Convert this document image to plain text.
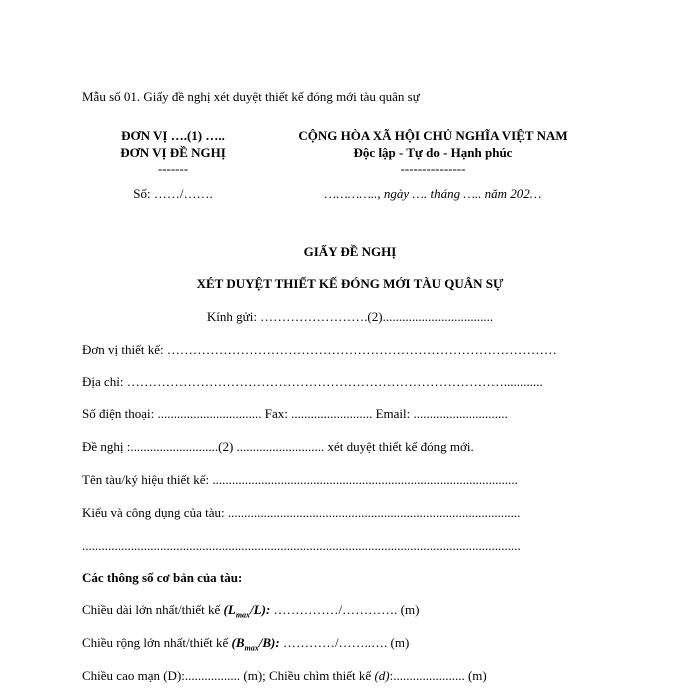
Mẫu số 01. Giấy đề nghị xét duyệt thiết kế đóng mới tàu quân sự
ĐƠN VỊ ….(1) …..
ĐƠN VỊ ĐỀ NGHỊ
-------
Số: ……/…….
CỘNG HÒA XÃ HỘI CHỦ NGHĨA VIỆT NAM
Độc lập - Tự do - Hạnh phúc
---------------
………….., ngày …. tháng ….. năm 202…
GIẤY ĐỀ NGHỊ
XÉT DUYỆT THIẾT KẾ ĐÓNG MỚI TÀU QUÂN SỰ
Kính gửi: …………………….(2)..................................
Đơn vị thiết kế: ………………………………………………………………………………
Địa chỉ: ……………………………………………………………………………............
Số điện thoại: ................................ Fax: ......................... Email: .............................
Đề nghị :...........................(2) ........................... xét duyệt thiết kế đóng mới.
Tên tàu/ký hiệu thiết kế: ..............................................................................................
Kiểu và công dụng của tàu: ..........................................................................................
.......................................................................................................................................
Các thông số cơ bản của tàu:
Chiều dài lớn nhất/thiết kế $(L_{max}/L)$: ……………/…………. (m)
Chiều rộng lớn nhất/thiết kế $(B_{max}/B)$: …………/……..…. (m)
Chiều cao mạn (D):................. (m); Chiều chìm thiết kế (d):...................... (m)
